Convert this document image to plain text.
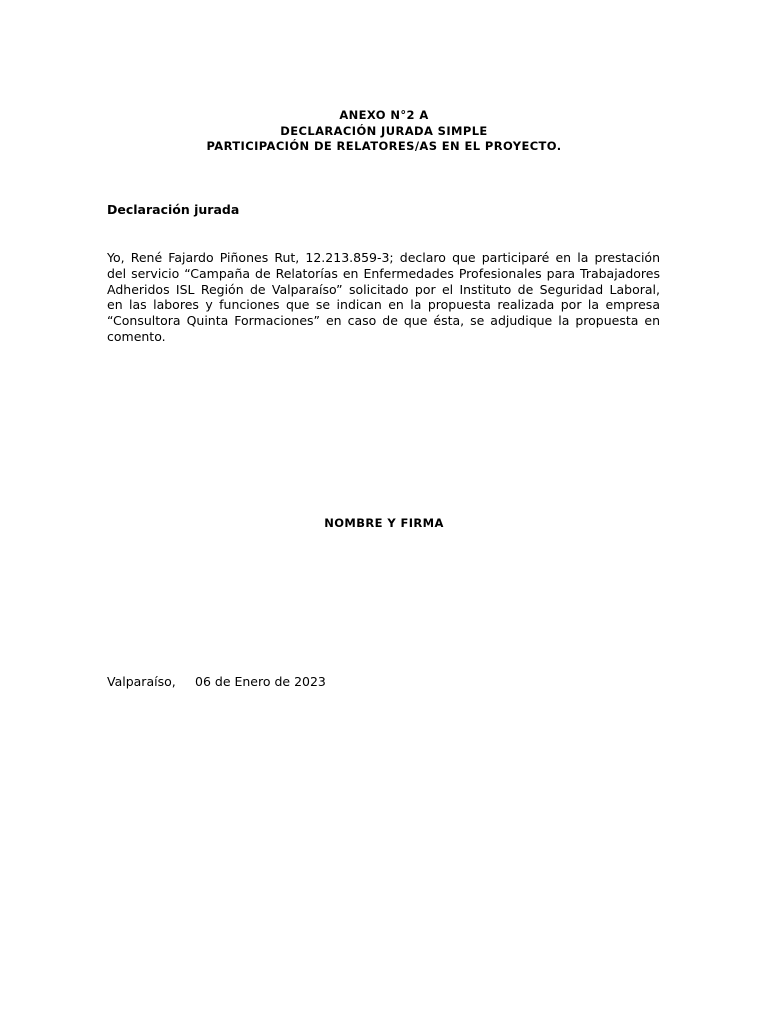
ANEXO N°2 A
DECLARACIÓN JURADA SIMPLE
PARTICIPACIÓN DE RELATORES/AS EN EL PROYECTO.
Declaración jurada
Yo, René Fajardo Piñones Rut, 12.213.859-3; declaro que participaré en la prestación
del servicio “Campaña de Relatorías en Enfermedades Profesionales para Trabajadores
Adheridos ISL Región de Valparaíso” solicitado por el Instituto de Seguridad Laboral,
en las labores y funciones que se indican en la propuesta realizada por la empresa
“Consultora Quinta Formaciones” en caso de que ésta, se adjudique la propuesta en
comento.
NOMBRE Y FIRMA
Valparaíso, 06 de Enero de 2023
